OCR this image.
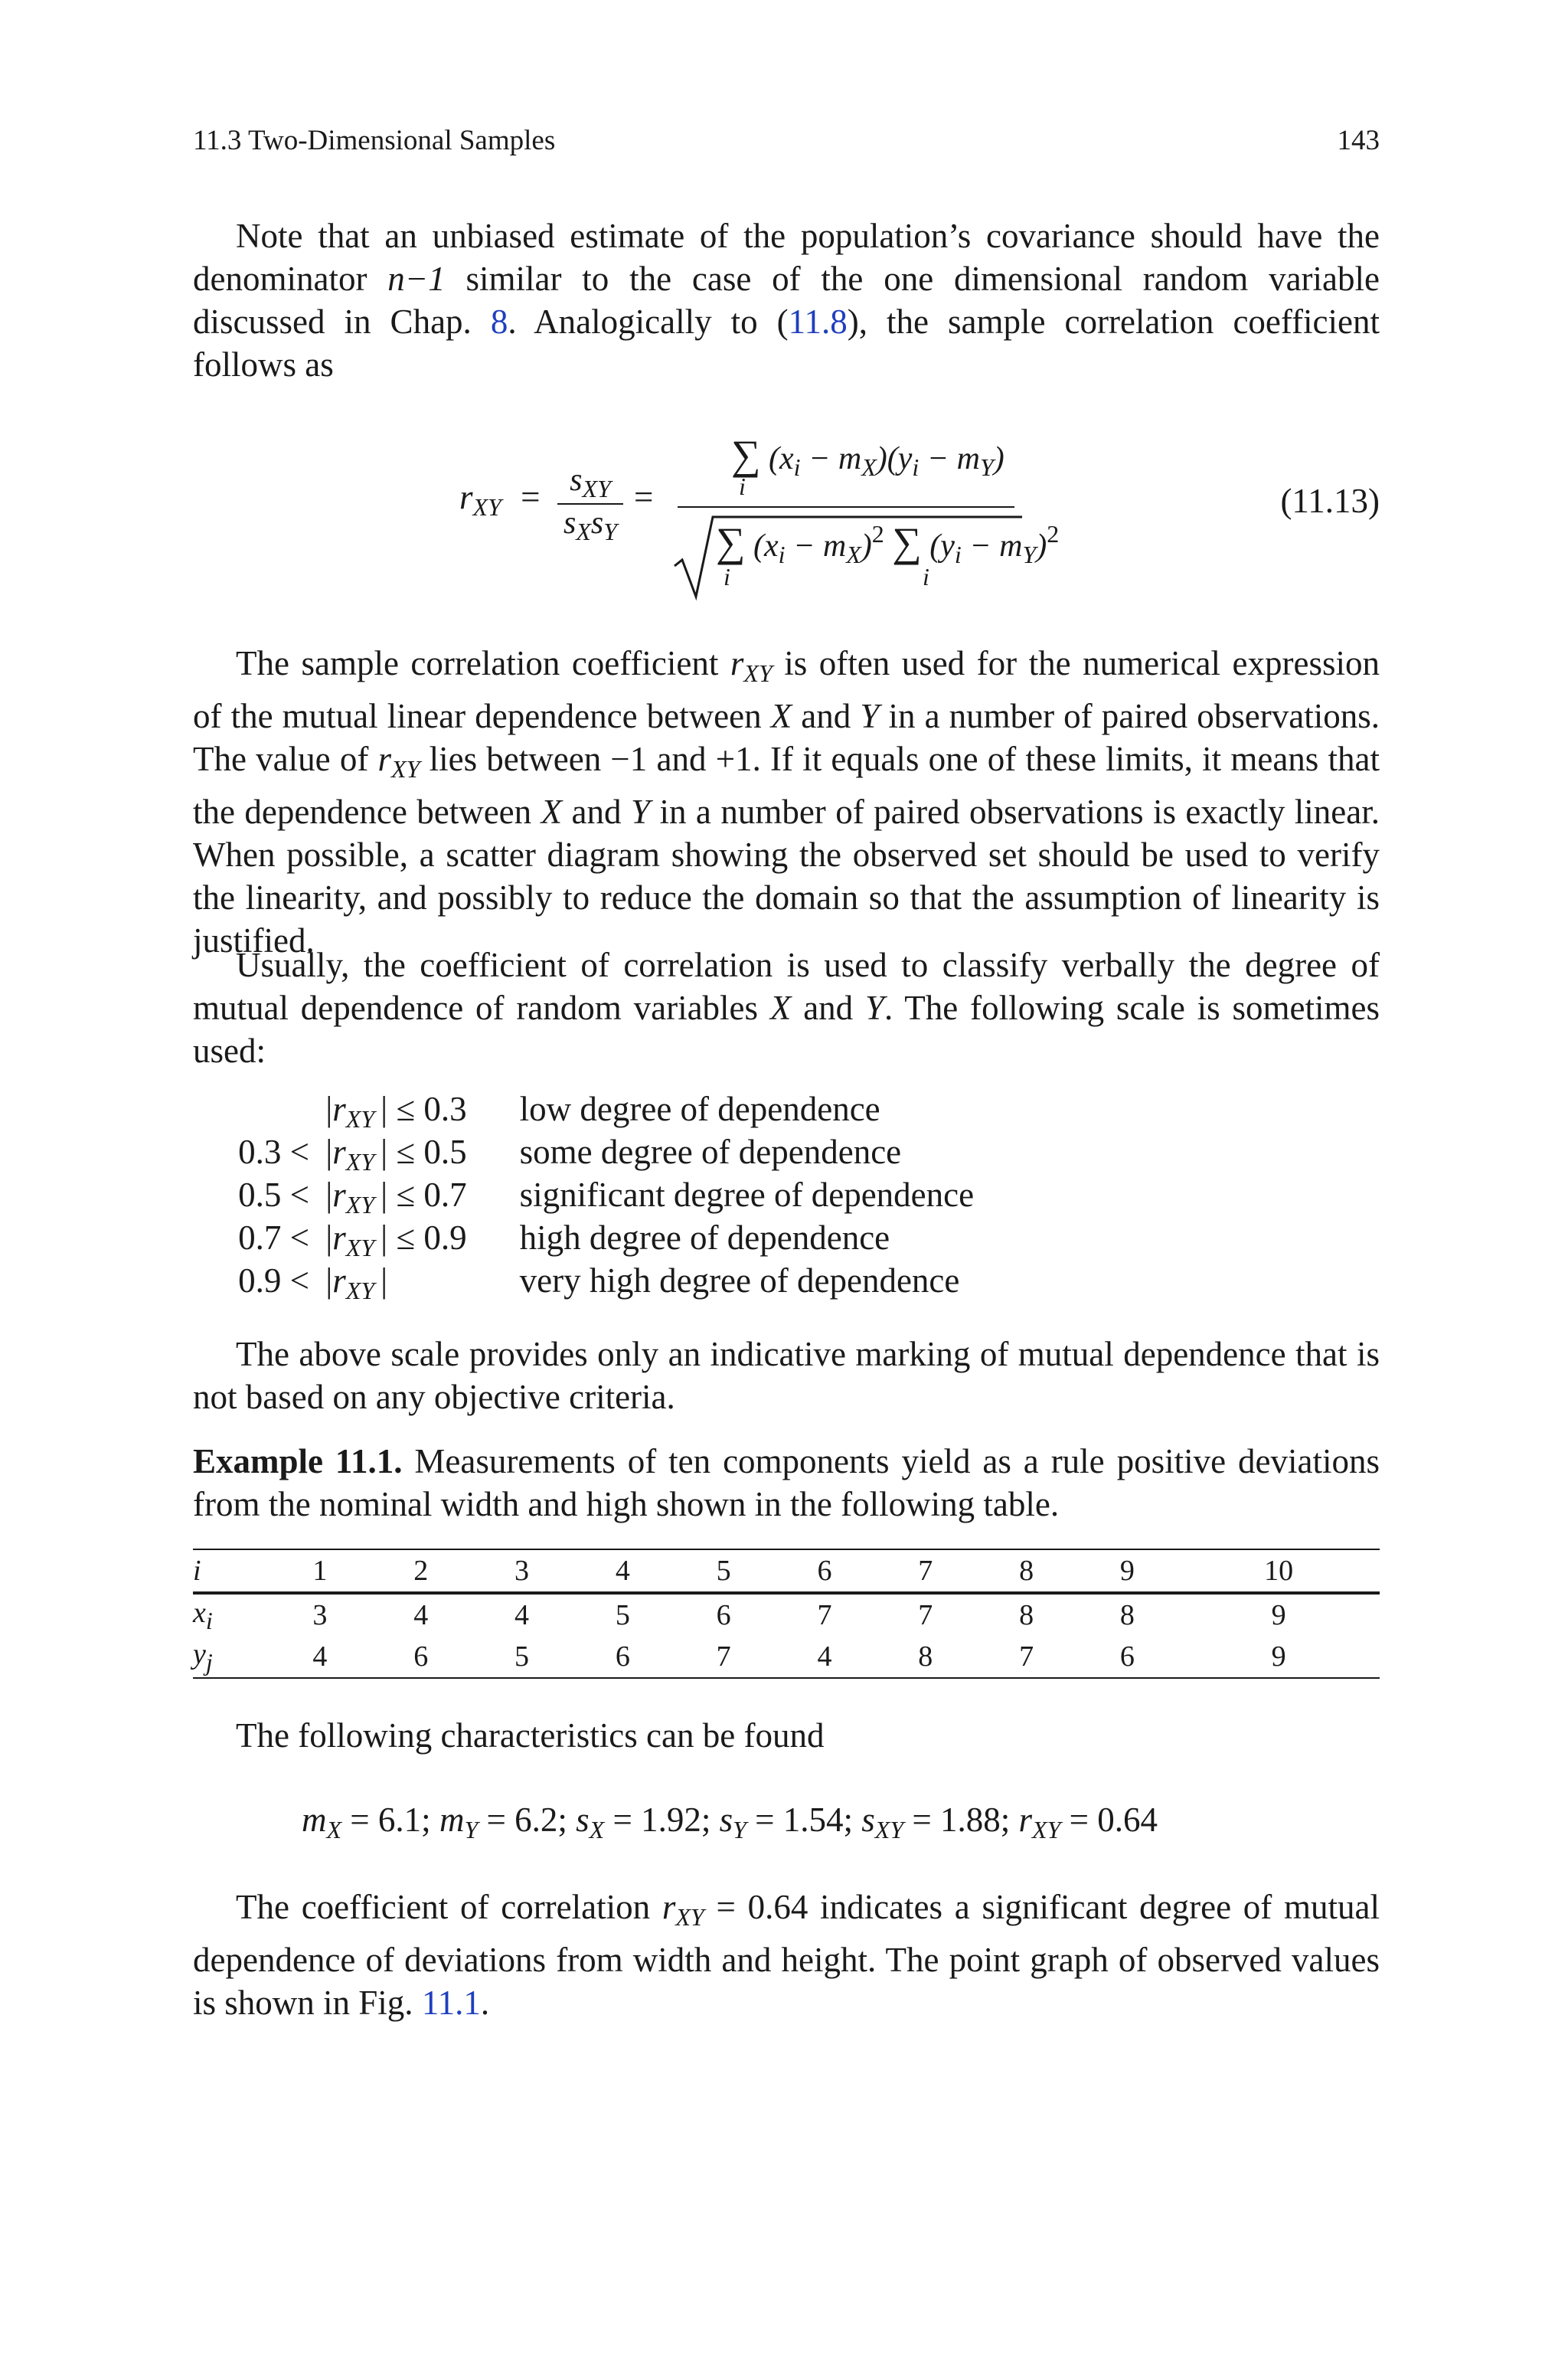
11.3 Two-Dimensional Samples	143
Note that an unbiased estimate of the population’s covariance should have the denominator n−1 similar to the case of the one dimensional random variable discussed in Chap. 8. Analogically to (11.8), the sample correlation coefficient follows as
$r_{XY} = s_{XY}$
$s_Xs_Y$
=
∑ $(x_i - m_X)(y_i - m_Y)$
i
∑ $(x_i - m_X)^2$ ∑ $(y_i - m_Y)^2$
i	i
(11.13)
The sample correlation coefficient $r_{XY}$ is often used for the numerical expression of the mutual linear dependence between X and Y in a number of paired observations. The value of $r_{XY}$ lies between −1 and +1. If it equals one of these limits, it means that the dependence between X and Y in a number of paired observations is exactly linear. When possible, a scatter diagram showing the observed set should be used to verify the linearity, and possibly to reduce the domain so that the assumption of linearity is justified.
Usually, the coefficient of correlation is used to classify verbally the degree of mutual dependence of random variables X and Y. The following scale is sometimes used:
$|r_{XY}$ | ≤ 0.3 low degree of dependence
$0.3 < |r_{XY}$ | ≤ 0.5 some degree of dependence
$0.5 < |r_{XY}$ | ≤ 0.7 significant degree of dependence
$0.7 < |r_{XY}$ | ≤ 0.9 high degree of dependence
$0.9 < |r_{XY}$ |	very high degree of dependence
The above scale provides only an indicative marking of mutual dependence that is not based on any objective criteria.
Example 11.1. Measurements of ten components yield as a rule positive deviations from the nominal width and high shown in the following table.
i	1	2	3	4	5	6	7	8	9	10
$x_i$	3	4	4	5	6	7	7	8	8	9
$y_j$	4	6	5	6	7	4	8	7	6	9
The following characteristics can be found
$m_X = 6.1$; $m_Y = 6.2$; $s_X = 1.92$; $s_Y = 1.54$; $s_{XY} = 1.88$; $r_{XY} = 0.64$
The coefficient of correlation $r_{XY} = 0.64$ indicates a significant degree of mutual dependence of deviations from width and height. The point graph of observed values is shown in Fig. 11.1.
